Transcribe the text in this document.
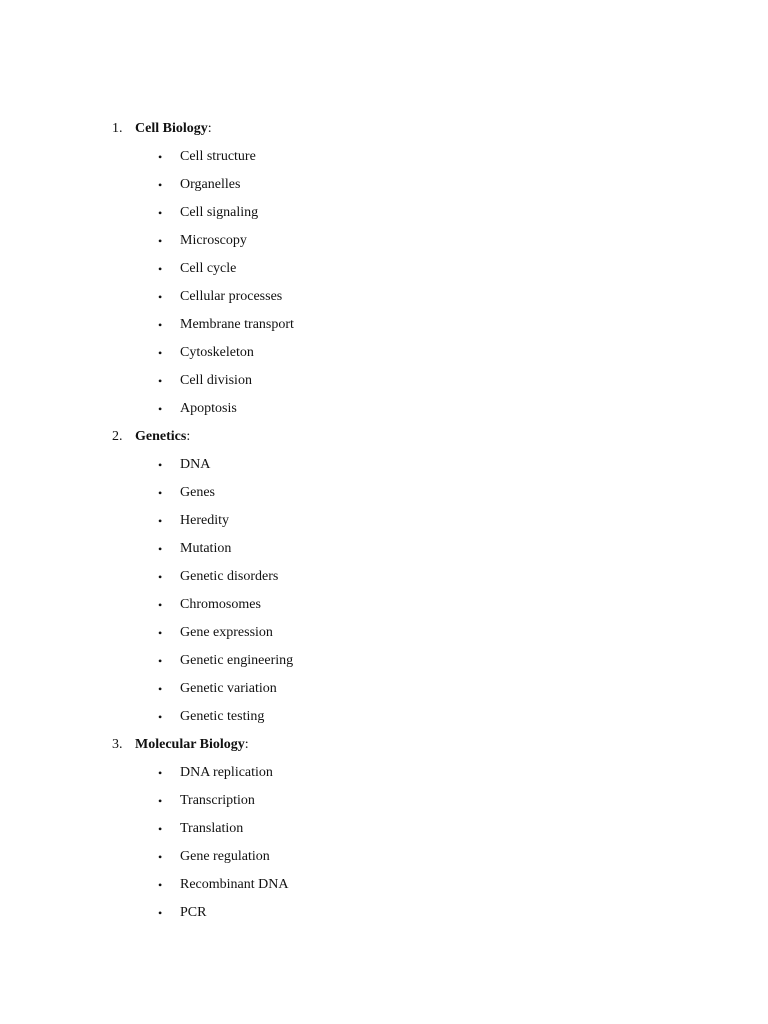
1. Cell Biology:
• Cell structure
• Organelles
• Cell signaling
• Microscopy
• Cell cycle
• Cellular processes
• Membrane transport
• Cytoskeleton
• Cell division
• Apoptosis
2. Genetics:
• DNA
• Genes
• Heredity
• Mutation
• Genetic disorders
• Chromosomes
• Gene expression
• Genetic engineering
• Genetic variation
• Genetic testing
3. Molecular Biology:
• DNA replication
• Transcription
• Translation
• Gene regulation
• Recombinant DNA
• PCR
